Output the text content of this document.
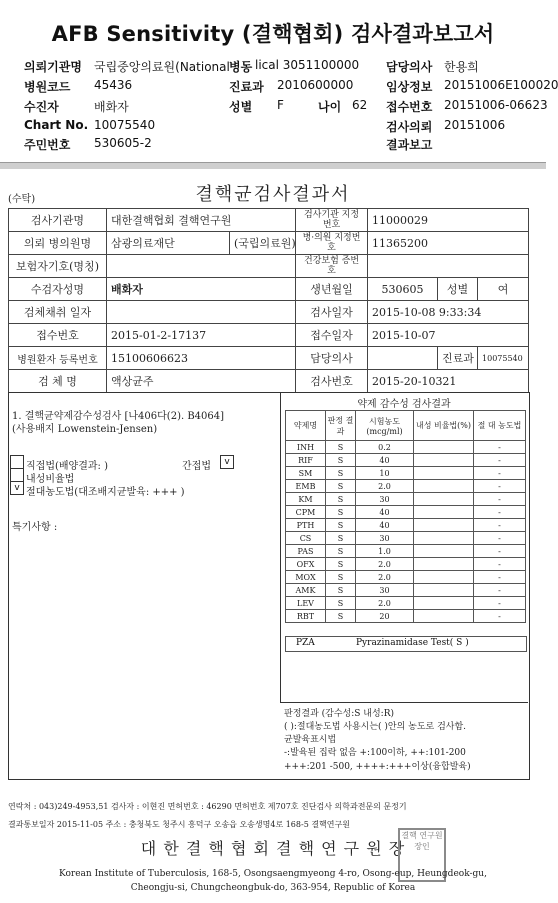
AFB Sensitivity (결핵협회) 검사결과보고서
의뢰기관명 국립중앙의료원(National 병동 lical 3051100000 담당의사 한용희
병원코드 45436	진료과 2010600000	임상정보 20151006E100020
수진자	배화자	성별 F	나이 62 접수번호 20151006-06623
Chart No. 10075540	검사의뢰 20151006
주민번호 530605-2	결과보고
(수탁)	결핵균검사결과서
검사기관명	대한결핵협회 결핵연구원		검사기관 지정번호	11000029		
의뢰 병의원명	삼광의료재단	(국립의료원)	병·의원 지정번호	11365200		
보험자기호(명칭)			건강보험 증번호			
수검자성명	배화자		생년월일	530605	성별	여
검체채취 일자			검사일자	2015-10-08 9:33:34		
접수번호	2015-01-2-17137		접수일자	2015-10-07		
병원환자 등록번호	15100606623		담당의사		진료과	10075540
검 체 명	액상균주		검사번호	2015-20-10321		
1. 결핵균약제감수성검사 [나406다(2). B4064]
(사용배지 Lowenstein-Jensen)
직접법(배양결과: )	간접법	v
내성비율법
v 절대농도법(대조배지균발육: +++ )
특기사항 :
약제 감수성 검사결과
약제명	판정 결과	시험농도 (mcg/ml)	내성 비율법(%)	절 대 농도법
INH	S	0.2		-
RIF	S	40		-
SM	S	10		-
EMB	S	2.0		-
KM	S	30		-
CPM	S	40		-
PTH	S	40		-
CS	S	30		-
PAS	S	1.0		-
OFX	S	2.0		-
MOX	S	2.0		-
AMK	S	30		-
LEV	S	2.0		-
RBT	S	20		-
PZA	Pyrazinamidase Test( S )
판정결과 (감수성:S 내성:R)
( ):절대농도법 사용시는( )안의 농도로 검사함.
균발육표시법
-:발육된 집락 없음 +:100이하, ++:101-200
+++:201 -500, ++++:+++이상(융합발육)
연락처 : 043)249-4953,51 검사자 : 이현진 면허번호 : 46290 면허번호 제707호 진단검사 의학과전문의 문정기
결과통보일자 2015-11-05 주소 : 충청북도 청주시 흥덕구 오송읍 오송생명4로 168-5 결핵연구원
대 한 결 핵 협 회 결 핵 연 구 원 장
결핵 연구원 장인
Korean Institute of Tuberculosis, 168-5, Osongsaengmyeong 4-ro, Osong-eup, Heungdeok-gu,
Cheongju-si, Chungcheongbuk-do, 363-954, Republic of Korea
